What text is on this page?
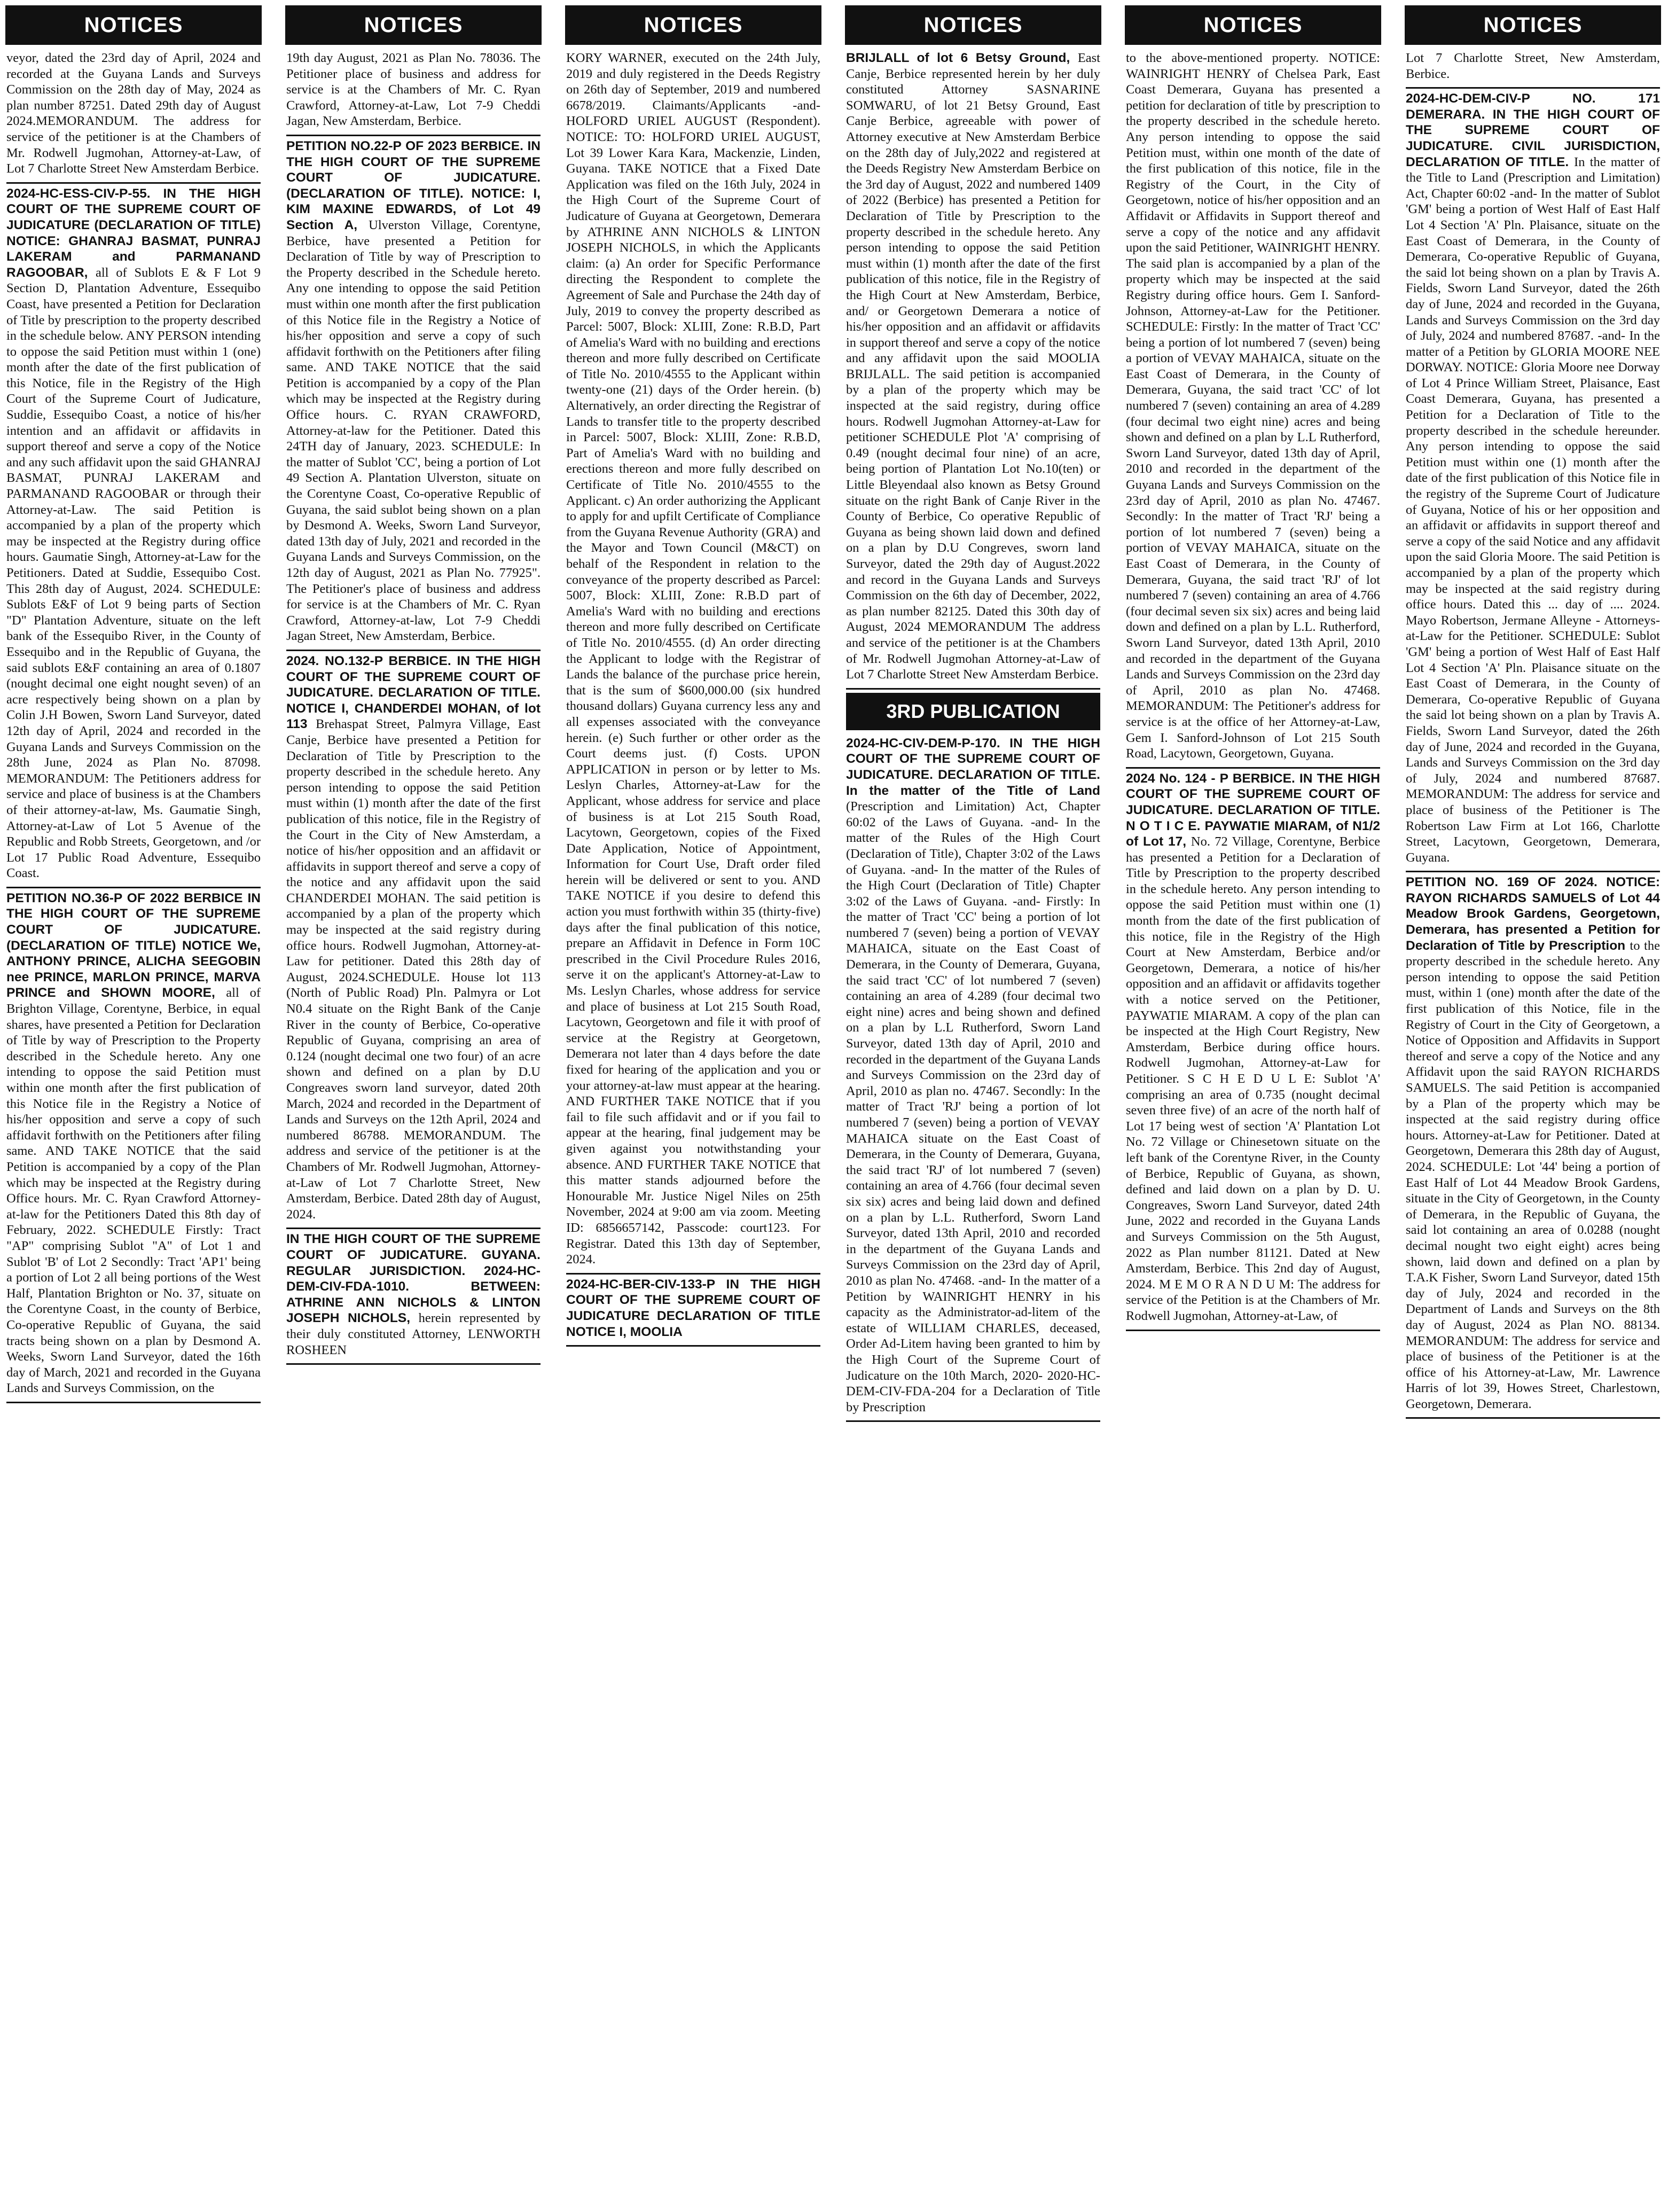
NOTICES

veyor, dated the 23rd day of April, 2024 and recorded at the Guyana Lands and Surveys Commission on the 28th day of May, 2024 as plan number 87251. Dated 29th day of August 2024.MEMORANDUM. The address for service of the petitioner is at the Chambers of Mr. Rodwell Jugmohan, Attorney-at-Law, of Lot 7 Charlotte Street New Amsterdam Berbice.

2024-HC-ESS-CIV-P-55. IN THE HIGH COURT OF THE SUPREME COURT OF JUDICATURE (DECLARATION OF TITLE) NOTICE: GHANRAJ BASMAT, PUNRAJ LAKERAM and PARMANAND RAGOOBAR, all of Sublots E & F Lot 9 Section D, Plantation Adventure, Essequibo Coast, have presented a Petition for Declaration of Title by prescription to the property described in the schedule below. ANY PERSON intending to oppose the said Petition must within 1 (one) month after the date of the first publication of this Notice, file in the Registry of the High Court of the Supreme Court of Judicature, Suddie, Essequibo Coast, a notice of his/her intention and an affidavit or affidavits in support thereof and serve a copy of the Notice and any such affidavit upon the said GHANRAJ BASMAT, PUNRAJ LAKERAM and PARMANAND RAGOOBAR or through their Attorney-at-Law. The said Petition is accompanied by a plan of the property which may be inspected at the Registry during office hours. Gaumatie Singh, Attorney-at-Law for the Petitioners. Dated at Suddie, Essequibo Cost. This 28th day of August, 2024. SCHEDULE: Sublots E&F of Lot 9 being parts of Section "D" Plantation Adventure, situate on the left bank of the Essequibo River, in the County of Essequibo and in the Republic of Guyana, the said sublots E&F containing an area of 0.1807 (nought decimal one eight nought seven) of an acre respectively being shown on a plan by Colin J.H Bowen, Sworn Land Surveyor, dated 12th day of April, 2024 and recorded in the Guyana Lands and Surveys Commission on the 28th June, 2024 as Plan No. 87098. MEMORANDUM: The Petitioners address for service and place of business is at the Chambers of their attorney-at-law, Ms. Gaumatie Singh, Attorney-at-Law of Lot 5 Avenue of the Republic and Robb Streets, Georgetown, and /or Lot 17 Public Road Adventure, Essequibo Coast.

PETITION NO.36-P OF 2022 BERBICE IN THE HIGH COURT OF THE SUPREME COURT OF JUDICATURE. (DECLARATION OF TITLE) NOTICE We, ANTHONY PRINCE, ALICHA SEEGOBIN nee PRINCE, MARLON PRINCE, MARVA PRINCE and SHOWN MOORE, all of Brighton Village, Corentyne, Berbice, in equal shares, have presented a Petition for Declaration of Title by way of Prescription to the Property described in the Schedule hereto. Any one intending to oppose the said Petition must within one month after the first publication of this Notice file in the Registry a Notice of his/her opposition and serve a copy of such affidavit forthwith on the Petitioners after filing same. AND TAKE NOTICE that the said Petition is accompanied by a copy of the Plan which may be inspected at the Registry during Office hours. Mr. C. Ryan Crawford Attorney-at-law for the Petitioners Dated this 8th day of February, 2022. SCHEDULE Firstly: Tract "AP" comprising Sublot "A" of Lot 1 and Sublot 'B' of Lot 2 Secondly: Tract 'AP1' being a portion of Lot 2 all being portions of the West Half, Plantation Brighton or No. 37, situate on the Corentyne Coast, in the county of Berbice, Co-operative Republic of Guyana, the said tracts being shown on a plan by Desmond A. Weeks, Sworn Land Surveyor, dated the 16th day of March, 2021 and recorded in the Guyana Lands and Surveys Commission, on the

NOTICES

19th day August, 2021 as Plan No. 78036. The Petitioner place of business and address for service is at the Chambers of Mr. C. Ryan Crawford, Attorney-at-Law, Lot 7-9 Cheddi Jagan, New Amsterdam, Berbice.

PETITION NO.22-P OF 2023 BERBICE. IN THE HIGH COURT OF THE SUPREME COURT OF JUDICATURE. (DECLARATION OF TITLE). NOTICE: I, KIM MAXINE EDWARDS, of Lot 49 Section A, Ulverston Village, Corentyne, Berbice, have presented a Petition for Declaration of Title by way of Prescription to the Property described in the Schedule hereto. Any one intending to oppose the said Petition must within one month after the first publication of this Notice file in the Registry a Notice of his/her opposition and serve a copy of such affidavit forthwith on the Petitioners after filing same. AND TAKE NOTICE that the said Petition is accompanied by a copy of the Plan which may be inspected at the Registry during Office hours. C. RYAN CRAWFORD, Attorney-at-law for the Petitioner. Dated this 24TH day of January, 2023. SCHEDULE: In the matter of Sublot 'CC', being a portion of Lot 49 Section A. Plantation Ulverston, situate on the Corentyne Coast, Co-operative Republic of Guyana, the said sublot being shown on a plan by Desmond A. Weeks, Sworn Land Surveyor, dated 13th day of July, 2021 and recorded in the Guyana Lands and Surveys Commission, on the 12th day of August, 2021 as Plan No. 77925". The Petitioner's place of business and address for service is at the Chambers of Mr. C. Ryan Crawford, Attorney-at-law, Lot 7-9 Cheddi Jagan Street, New Amsterdam, Berbice.

2024. NO.132-P BERBICE. IN THE HIGH COURT OF THE SUPREME COURT OF JUDICATURE. DECLARATION OF TITLE. NOTICE I, CHANDERDEI MOHAN, of lot 113 Brehaspat Street, Palmyra Village, East Canje, Berbice have presented a Petition for Declaration of Title by Prescription to the property described in the schedule hereto. Any person intending to oppose the said Petition must within (1) month after the date of the first publication of this notice, file in the Registry of the Court in the City of New Amsterdam, a notice of his/her opposition and an affidavit or affidavits in support thereof and serve a copy of the notice and any affidavit upon the said CHANDERDEI MOHAN. The said petition is accompanied by a plan of the property which may be inspected at the said registry during office hours. Rodwell Jugmohan, Attorney-at-Law for petitioner. Dated this 28th day of August, 2024.SCHEDULE. House lot 113 (North of Public Road) Pln. Palmyra or Lot N0.4 situate on the Right Bank of the Canje River in the county of Berbice, Co-operative Republic of Guyana, comprising an area of 0.124 (nought decimal one two four) of an acre shown and defined on a plan by D.U Congreaves sworn land surveyor, dated 20th March, 2024 and recorded in the Department of Lands and Surveys on the 12th April, 2024 and numbered 86788. MEMORANDUM. The address and service of the petitioner is at the Chambers of Mr. Rodwell Jugmohan, Attorney-at-Law of Lot 7 Charlotte Street, New Amsterdam, Berbice. Dated 28th day of August, 2024.

IN THE HIGH COURT OF THE SUPREME COURT OF JUDICATURE. GUYANA. REGULAR JURISDICTION. 2024-HC-DEM-CIV-FDA-1010. BETWEEN: ATHRINE ANN NICHOLS & LINTON JOSEPH NICHOLS, herein represented by their duly constituted Attorney, LENWORTH ROSHEEN

NOTICES

KORY WARNER, executed on the 24th July, 2019 and duly registered in the Deeds Registry on 26th day of September, 2019 and numbered 6678/2019. Claimants/Applicants -and- HOLFORD URIEL AUGUST (Respondent). NOTICE: TO: HOLFORD URIEL AUGUST, Lot 39 Lower Kara Kara, Mackenzie, Linden, Guyana. TAKE NOTICE that a Fixed Date Application was filed on the 16th July, 2024 in the High Court of the Supreme Court of Judicature of Guyana at Georgetown, Demerara by ATHRINE ANN NICHOLS & LINTON JOSEPH NICHOLS, in which the Applicants claim: (a) An order for Specific Performance directing the Respondent to complete the Agreement of Sale and Purchase the 24th day of July, 2019 to convey the property described as Parcel: 5007, Block: XLIII, Zone: R.B.D, Part of Amelia's Ward with no building and erections thereon and more fully described on Certificate of Title No. 2010/4555 to the Applicant within twenty-one (21) days of the Order herein. (b) Alternatively, an order directing the Registrar of Lands to transfer title to the property described in Parcel: 5007, Block: XLIII, Zone: R.B.D, Part of Amelia's Ward with no building and erections thereon and more fully described on Certificate of Title No. 2010/4555 to the Applicant. c) An order authorizing the Applicant to apply for and upfilt Certificate of Compliance from the Guyana Revenue Authority (GRA) and the Mayor and Town Council (M&CT) on behalf of the Respondent in relation to the conveyance of the property described as Parcel: 5007, Block: XLIII, Zone: R.B.D part of Amelia's Ward with no building and erections thereon and more fully described on Certificate of Title No. 2010/4555. (d) An order directing the Applicant to lodge with the Registrar of Lands the balance of the purchase price herein, that is the sum of $600,000.00 (six hundred thousand dollars) Guyana currency less any and all expenses associated with the conveyance herein. (e) Such further or other order as the Court deems just. (f) Costs. UPON APPLICATION in person or by letter to Ms. Leslyn Charles, Attorney-at-Law for the Applicant, whose address for service and place of business is at Lot 215 South Road, Lacytown, Georgetown, copies of the Fixed Date Application, Notice of Appointment, Information for Court Use, Draft order filed herein will be delivered or sent to you. AND TAKE NOTICE if you desire to defend this action you must forthwith within 35 (thirty-five) days after the final publication of this notice, prepare an Affidavit in Defence in Form 10C prescribed in the Civil Procedure Rules 2016, serve it on the applicant's Attorney-at-Law to Ms. Leslyn Charles, whose address for service and place of business at Lot 215 South Road, Lacytown, Georgetown and file it with proof of service at the Registry at Georgetown, Demerara not later than 4 days before the date fixed for hearing of the application and you or your attorney-at-law must appear at the hearing. AND FURTHER TAKE NOTICE that if you fail to file such affidavit and or if you fail to appear at the hearing, final judgement may be given against you notwithstanding your absence. AND FURTHER TAKE NOTICE that this matter stands adjourned before the Honourable Mr. Justice Nigel Niles on 25th November, 2024 at 9:00 am via zoom. Meeting ID: 6856657142, Passcode: court123. For Registrar. Dated this 13th day of September, 2024.

2024-HC-BER-CIV-133-P IN THE HIGH COURT OF THE SUPREME COURT OF JUDICATURE DECLARATION OF TITLE NOTICE I, MOOLIA

NOTICES

BRIJLALL of lot 6 Betsy Ground, East Canje, Berbice represented herein by her duly constituted Attorney SASNARINE SOMWARU, of lot 21 Betsy Ground, East Canje Berbice, agreeable with power of Attorney executive at New Amsterdam Berbice on the 28th day of July,2022 and registered at the Deeds Registry New Amsterdam Berbice on the 3rd day of August, 2022 and numbered 1409 of 2022 (Berbice) has presented a Petition for Declaration of Title by Prescription to the property described in the schedule hereto. Any person intending to oppose the said Petition must within (1) month after the date of the first publication of this notice, file in the Registry of the High Court at New Amsterdam, Berbice, and/ or Georgetown Demerara a notice of his/her opposition and an affidavit or affidavits in support thereof and serve a copy of the notice and any affidavit upon the said MOOLIA BRIJLALL. The said petition is accompanied by a plan of the property which may be inspected at the said registry, during office hours. Rodwell Jugmohan Attorney-at-Law for petitioner SCHEDULE Plot 'A' comprising of 0.49 (nought decimal four nine) of an acre, being portion of Plantation Lot No.10(ten) or Little Bleyendaal also known as Betsy Ground situate on the right Bank of Canje River in the County of Berbice, Co operative Republic of Guyana as being shown laid down and defined on a plan by D.U Congreves, sworn land Surveyor, dated the 29th day of August.2022 and record in the Guyana Lands and Surveys Commission on the 6th day of December, 2022, as plan number 82125. Dated this 30th day of August, 2024 MEMORANDUM The address and service of the petitioner is at the Chambers of Mr. Rodwell Jugmohan Attorney-at-Law of Lot 7 Charlotte Street New Amsterdam Berbice.

3RD PUBLICATION

2024-HC-CIV-DEM-P-170. IN THE HIGH COURT OF THE SUPREME COURT OF JUDICATURE. DECLARATION OF TITLE. In the matter of the Title of Land (Prescription and Limitation) Act, Chapter 60:02 of the Laws of Guyana. -and- In the matter of the Rules of the High Court (Declaration of Title), Chapter 3:02 of the Laws of Guyana. -and- In the matter of the Rules of the High Court (Declaration of Title) Chapter 3:02 of the Laws of Guyana. -and- Firstly: In the matter of Tract 'CC' being a portion of lot numbered 7 (seven) being a portion of VEVAY MAHAICA, situate on the East Coast of Demerara, in the County of Demerara, Guyana, the said tract 'CC' of lot numbered 7 (seven) containing an area of 4.289 (four decimal two eight nine) acres and being shown and defined on a plan by L.L Rutherford, Sworn Land Surveyor, dated 13th day of April, 2010 and recorded in the department of the Guyana Lands and Surveys Commission on the 23rd day of April, 2010 as plan no. 47467. Secondly: In the matter of Tract 'RJ' being a portion of lot numbered 7 (seven) being a portion of VEVAY MAHAICA situate on the East Coast of Demerara, in the County of Demerara, Guyana, the said tract 'RJ' of lot numbered 7 (seven) containing an area of 4.766 (four decimal seven six six) acres and being laid down and defined on a plan by L.L. Rutherford, Sworn Land Surveyor, dated 13th April, 2010 and recorded in the department of the Guyana Lands and Surveys Commission on the 23rd day of April, 2010 as plan No. 47468. -and- In the matter of a Petition by WAINRIGHT HENRY in his capacity as the Administrator-ad-litem of the estate of WILLIAM CHARLES, deceased, Order Ad-Litem having been granted to him by the High Court of the Supreme Court of Judicature on the 10th March, 2020- 2020-HC-DEM-CIV-FDA-204 for a Declaration of Title by Prescription

NOTICES

to the above-mentioned property. NOTICE: WAINRIGHT HENRY of Chelsea Park, East Coast Demerara, Guyana has presented a petition for declaration of title by prescription to the property described in the schedule hereto. Any person intending to oppose the said Petition must, within one month of the date of the first publication of this notice, file in the Registry of the Court, in the City of Georgetown, notice of his/her opposition and an Affidavit or Affidavits in Support thereof and serve a copy of the notice and any affidavit upon the said Petitioner, WAINRIGHT HENRY. The said plan is accompanied by a plan of the property which may be inspected at the said Registry during office hours. Gem I. Sanford-Johnson, Attorney-at-Law for the Petitioner. SCHEDULE: Firstly: In the matter of Tract 'CC' being a portion of lot numbered 7 (seven) being a portion of VEVAY MAHAICA, situate on the East Coast of Demerara, in the County of Demerara, Guyana, the said tract 'CC' of lot numbered 7 (seven) containing an area of 4.289 (four decimal two eight nine) acres and being shown and defined on a plan by L.L Rutherford, Sworn Land Surveyor, dated 13th day of April, 2010 and recorded in the department of the Guyana Lands and Surveys Commission on the 23rd day of April, 2010 as plan No. 47467. Secondly: In the matter of Tract 'RJ' being a portion of lot numbered 7 (seven) being a portion of VEVAY MAHAICA, situate on the East Coast of Demerara, in the County of Demerara, Guyana, the said tract 'RJ' of lot numbered 7 (seven) containing an area of 4.766 (four decimal seven six six) acres and being laid down and defined on a plan by L.L. Rutherford, Sworn Land Surveyor, dated 13th April, 2010 and recorded in the department of the Guyana Lands and Surveys Commission on the 23rd day of April, 2010 as plan No. 47468. MEMORANDUM: The Petitioner's address for service is at the office of her Attorney-at-Law, Gem I. Sanford-Johnson of Lot 215 South Road, Lacytown, Georgetown, Guyana.

2024 No. 124 - P BERBICE. IN THE HIGH COURT OF THE SUPREME COURT OF JUDICATURE. DECLARATION OF TITLE. N O T I C E. PAYWATIE MIARAM, of N1/2 of Lot 17, No. 72 Village, Corentyne, Berbice has presented a Petition for a Declaration of Title by Prescription to the property described in the schedule hereto. Any person intending to oppose the said Petition must within one (1) month from the date of the first publication of this notice, file in the Registry of the High Court at New Amsterdam, Berbice and/or Georgetown, Demerara, a notice of his/her opposition and an affidavit or affidavits together with a notice served on the Petitioner, PAYWATIE MIARAM. A copy of the plan can be inspected at the High Court Registry, New Amsterdam, Berbice during office hours. Rodwell Jugmohan, Attorney-at-Law for Petitioner. S C H E D U L E: Sublot 'A' comprising an area of 0.735 (nought decimal seven three five) of an acre of the north half of Lot 17 being west of section 'A' Plantation Lot No. 72 Village or Chinesetown situate on the left bank of the Corentyne River, in the County of Berbice, Republic of Guyana, as shown, defined and laid down on a plan by D. U. Congreaves, Sworn Land Surveyor, dated 24th June, 2022 and recorded in the Guyana Lands and Surveys Commission on the 5th August, 2022 as Plan number 81121. Dated at New Amsterdam, Berbice. This 2nd day of August, 2024. M E M O R A N D U M: The address for service of the Petition is at the Chambers of Mr. Rodwell Jugmohan, Attorney-at-Law, of

NOTICES

Lot 7 Charlotte Street, New Amsterdam, Berbice.

2024-HC-DEM-CIV-P NO. 171 DEMERARA. IN THE HIGH COURT OF THE SUPREME COURT OF JUDICATURE. CIVIL JURISDICTION, DECLARATION OF TITLE. In the matter of the Title to Land (Prescription and Limitation) Act, Chapter 60:02 -and- In the matter of Sublot 'GM' being a portion of West Half of East Half Lot 4 Section 'A' Pln. Plaisance, situate on the East Coast of Demerara, in the County of Demerara, Co-operative Republic of Guyana, the said lot being shown on a plan by Travis A. Fields, Sworn Land Surveyor, dated the 26th day of June, 2024 and recorded in the Guyana, Lands and Surveys Commission on the 3rd day of July, 2024 and numbered 87687. -and- In the matter of a Petition by GLORIA MOORE NEE DORWAY. NOTICE: Gloria Moore nee Dorway of Lot 4 Prince William Street, Plaisance, East Coast Demerara, Guyana, has presented a Petition for a Declaration of Title to the property described in the schedule hereunder. Any person intending to oppose the said Petition must within one (1) month after the date of the first publication of this Notice file in the registry of the Supreme Court of Judicature of Guyana, Notice of his or her opposition and an affidavit or affidavits in support thereof and serve a copy of the said Notice and any affidavit upon the said Gloria Moore. The said Petition is accompanied by a plan of the property which may be inspected at the said registry during office hours. Dated this ... day of .... 2024. Mayo Robertson, Jermane Alleyne - Attorneys-at-Law for the Petitioner. SCHEDULE: Sublot 'GM' being a portion of West Half of East Half Lot 4 Section 'A' Pln. Plaisance situate on the East Coast of Demerara, in the County of Demerara, Co-operative Republic of Guyana the said lot being shown on a plan by Travis A. Fields, Sworn Land Surveyor, dated the 26th day of June, 2024 and recorded in the Guyana, Lands and Surveys Commission on the 3rd day of July, 2024 and numbered 87687. MEMORANDUM: The address for service and place of business of the Petitioner is The Robertson Law Firm at Lot 166, Charlotte Street, Lacytown, Georgetown, Demerara, Guyana.

PETITION NO. 169 OF 2024. NOTICE: RAYON RICHARDS SAMUELS of Lot 44 Meadow Brook Gardens, Georgetown, Demerara, has presented a Petition for Declaration of Title by Prescription to the property described in the schedule hereto. Any person intending to oppose the said Petition must, within 1 (one) month after the date of the first publication of this Notice, file in the Registry of Court in the City of Georgetown, a Notice of Opposition and Affidavits in Support thereof and serve a copy of the Notice and any Affidavit upon the said RAYON RICHARDS SAMUELS. The said Petition is accompanied by a Plan of the property which may be inspected at the said registry during office hours. Attorney-at-Law for Petitioner. Dated at Georgetown, Demerara this 28th day of August, 2024. SCHEDULE: Lot '44' being a portion of East Half of Lot 44 Meadow Brook Gardens, situate in the City of Georgetown, in the County of Demerara, in the Republic of Guyana, the said lot containing an area of 0.0288 (nought decimal nought two eight eight) acres being shown, laid down and defined on a plan by T.A.K Fisher, Sworn Land Surveyor, dated 15th day of July, 2024 and recorded in the Department of Lands and Surveys on the 8th day of August, 2024 as Plan NO. 88134. MEMORANDUM: The address for service and place of business of the Petitioner is at the office of his Attorney-at-Law, Mr. Lawrence Harris of lot 39, Howes Street, Charlestown, Georgetown, Demerara.
